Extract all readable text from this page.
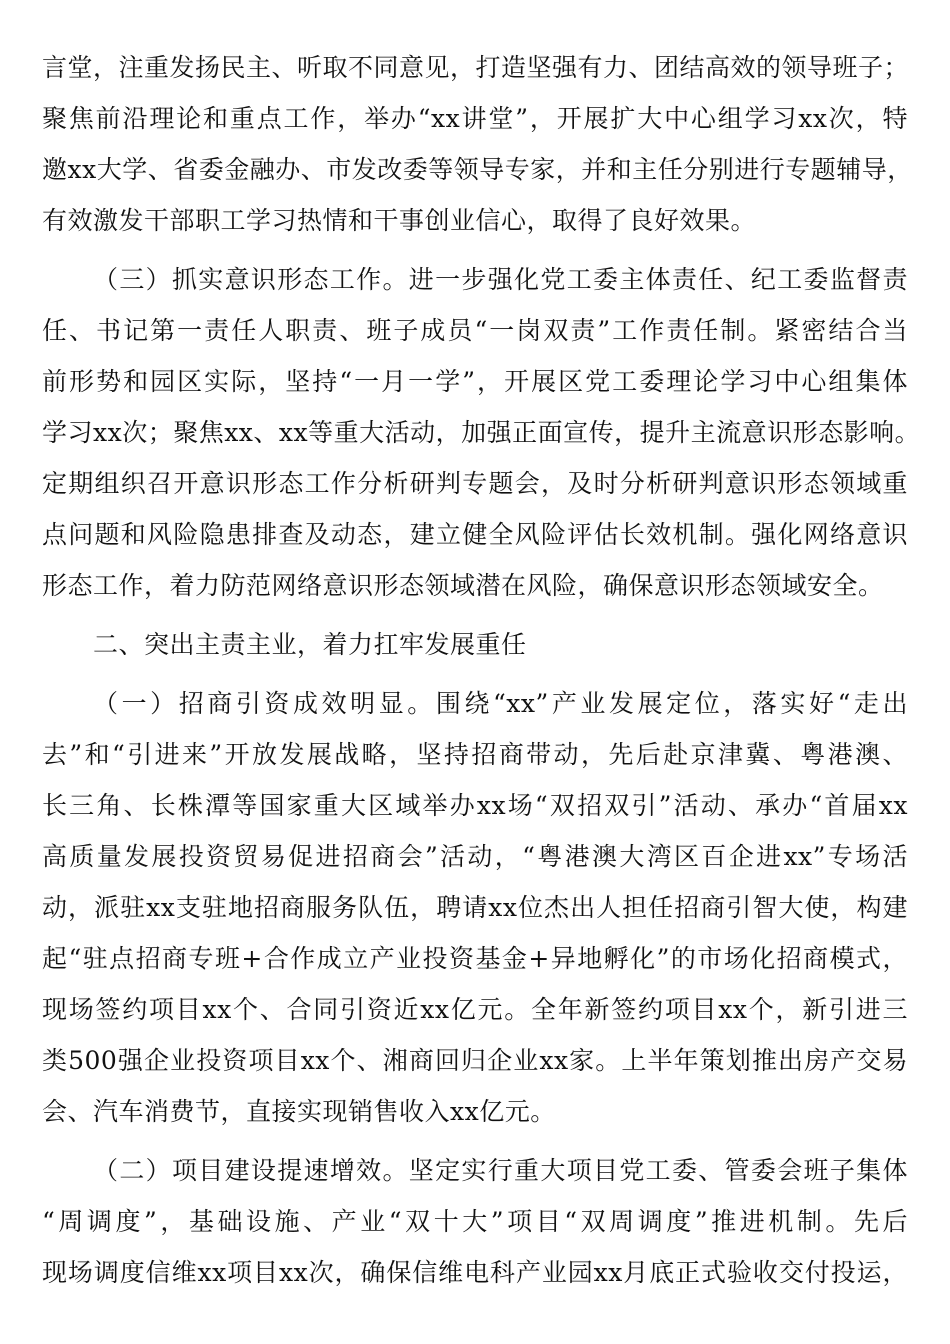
言堂，注重发扬民主、听取不同意见，打造坚强有力、团结高效的领导班子；

聚焦前沿理论和重点工作，举办“xx讲堂”，开展扩大中心组学习xx次，特

邀xx大学、省委金融办、市发改委等领导专家，并和主任分别进行专题辅导，

有效激发干部职工学习热情和干事创业信心，取得了良好效果。

（三）抓实意识形态工作。进一步强化党工委主体责任、纪工委监督责

任、书记第一责任人职责、班子成员“一岗双责”工作责任制。紧密结合当

前形势和园区实际，坚持“一月一学”，开展区党工委理论学习中心组集体

学习xx次；聚焦xx、xx等重大活动，加强正面宣传，提升主流意识形态影响。

定期组织召开意识形态工作分析研判专题会，及时分析研判意识形态领域重

点问题和风险隐患排查及动态，建立健全风险评估长效机制。强化网络意识

形态工作，着力防范网络意识形态领域潜在风险，确保意识形态领域安全。

二、突出主责主业，着力扛牢发展重任

（一）招商引资成效明显。围绕“xx”产业发展定位，落实好“走出

去”和“引进来”开放发展战略，坚持招商带动，先后赴京津冀、粤港澳、

长三角、长株潭等国家重大区域举办xx场“双招双引”活动、承办“首届xx

高质量发展投资贸易促进招商会”活动，“粤港澳大湾区百企进xx”专场活

动，派驻xx支驻地招商服务队伍，聘请xx位杰出人担任招商引智大使，构建

起“驻点招商专班+合作成立产业投资基金+异地孵化”的市场化招商模式，

现场签约项目xx个、合同引资近xx亿元。全年新签约项目xx个，新引进三

类500强企业投资项目xx个、湘商回归企业xx家。上半年策划推出房产交易

会、汽车消费节，直接实现销售收入xx亿元。

（二）项目建设提速增效。坚定实行重大项目党工委、管委会班子集体

“周调度”，基础设施、产业“双十大”项目“双周调度”推进机制。先后

现场调度信维xx项目xx次，确保信维电科产业园xx月底正式验收交付投运，
